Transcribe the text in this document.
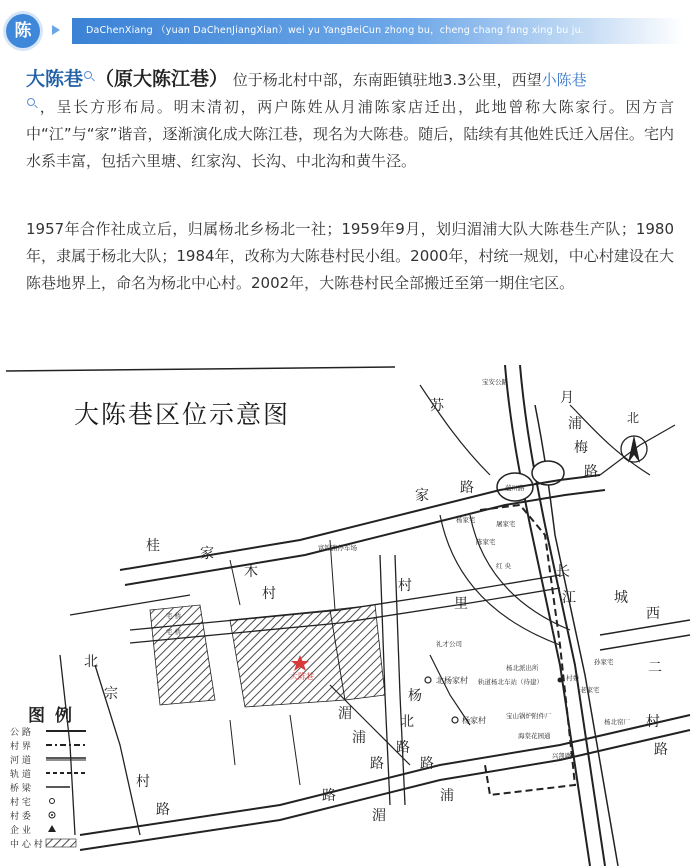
陈	DaChenXiang （yuan DaChenJiangXian）wei yu YangBeiCun zhong bu，cheng chang fang xing bu ju.

大陈巷 （原大陈江巷） 位于杨北村中部，东南距镇驻地3.3公里，西望小陈巷
，呈长方形布局。明末清初，两户陈姓从月浦陈家店迁出，此地曾称大陈家行。因方言中“江”与“家”谐音，逐渐演化成大陈江巷，现名为大陈巷。随后，陆续有其他姓氏迁入居住。宅内水系丰富，包括六里塘、红家沟、长沟、中北沟和黄牛泾。

1957年合作社成立后，归属杨北乡杨北一社；1959年9月，划归湄浦大队大陈巷生产队；1980年，隶属于杨北大队；1984年，改称为大陈巷村民小组。2000年，村统一规划，中心村建设在大陈巷地界上，命名为杨北中心村。2002年，大陈巷村民全部搬迁至第一期住宅区。

大陈巷区位示意图	北
苏	月
浦
梅
路
家 路
桂	家
木
村	村
里
长
江	城
西
二
村
路
北
宗
村
路
湄
浦
路
湄
浦
路
路
杨
北
路
宝安公路
蕴川路
富锦路停车场
杨家宅	屠家宅
陈家宅
红 央
宅 桥
宅 桥
大陈巷
礼才公司
北杨家村 轨道杨北车站（待建）
杨北派出所
村委
杨家村	宝山锅炉附件厂
海棠花园通
杨北窑厂
孙家宅
老家宅
兴凯路
图例
公 路
村 界
河 道
轨 道
桥 梁
村 宅
村 委
企 业
中 心 村
